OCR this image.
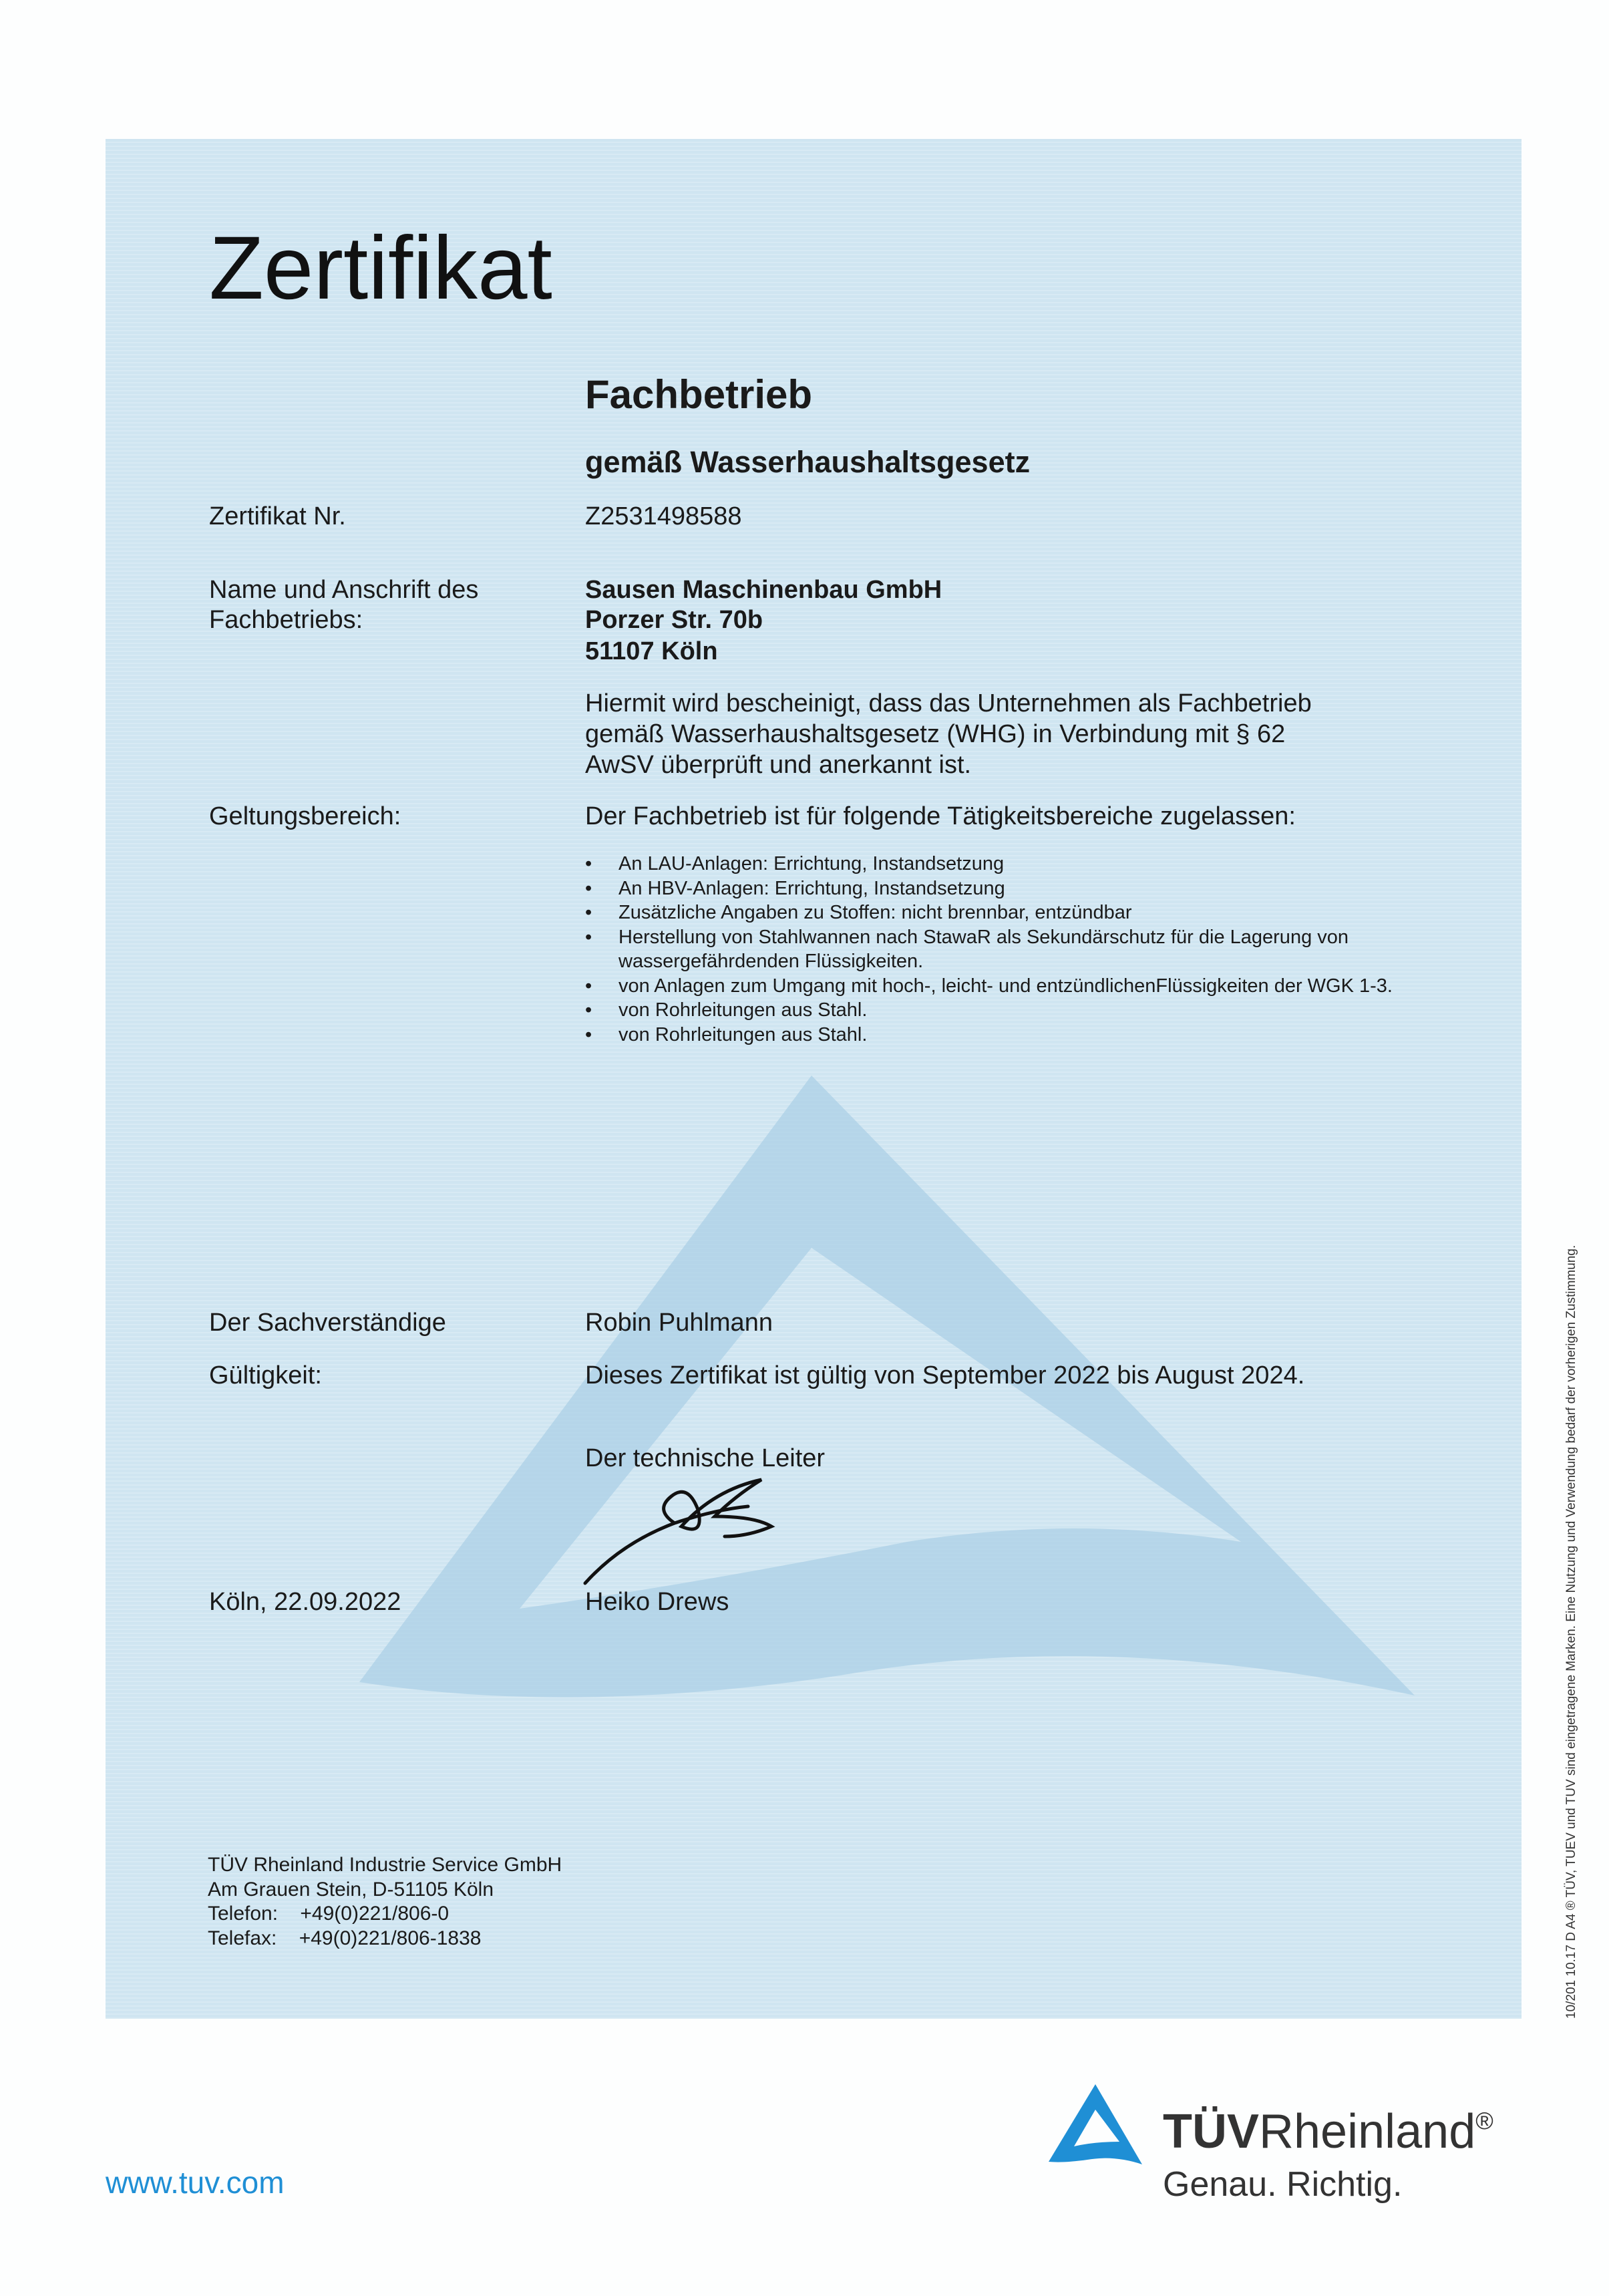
Zertifikat
Fachbetrieb
gemäß Wasserhaushaltsgesetz
Zertifikat Nr.	Z2531498588
Name und Anschrift des
Fachbetriebs:
Sausen Maschinenbau GmbH
Porzer Str. 70b
51107 Köln
Hiermit wird bescheinigt, dass das Unternehmen als Fachbetrieb
gemäß Wasserhaushaltsgesetz (WHG) in Verbindung mit § 62
AwSV überprüft und anerkannt ist.
Geltungsbereich:	Der Fachbetrieb ist für folgende Tätigkeitsbereiche zugelassen:
• An LAU-Anlagen: Errichtung, Instandsetzung
• An HBV-Anlagen: Errichtung, Instandsetzung
• Zusätzliche Angaben zu Stoffen: nicht brennbar, entzündbar
• Herstellung von Stahlwannen nach StawaR als Sekundärschutz für die Lagerung von wassergefährdenden Flüssigkeiten.
• von Anlagen zum Umgang mit hoch-, leicht- und entzündlichenFlüssigkeiten der WGK 1-3.
• von Rohrleitungen aus Stahl.
• von Rohrleitungen aus Stahl.
Der Sachverständige	Robin Puhlmann
Gültigkeit:	Dieses Zertifikat ist gültig von September 2022 bis August 2024.
Der technische Leiter
Köln, 22.09.2022	Heiko Drews
TÜV Rheinland Industrie Service GmbH
Am Grauen Stein, D-51105 Köln
Telefon:    +49(0)221/806-0
Telefax:    +49(0)221/806-1838
www.tuv.com
TÜVRheinland®
Genau. Richtig.
10/201 10.17 D A4 ® TÜV, TUEV und TUV sind eingetragene Marken. Eine Nutzung und Verwendung bedarf der vorherigen Zustimmung.
